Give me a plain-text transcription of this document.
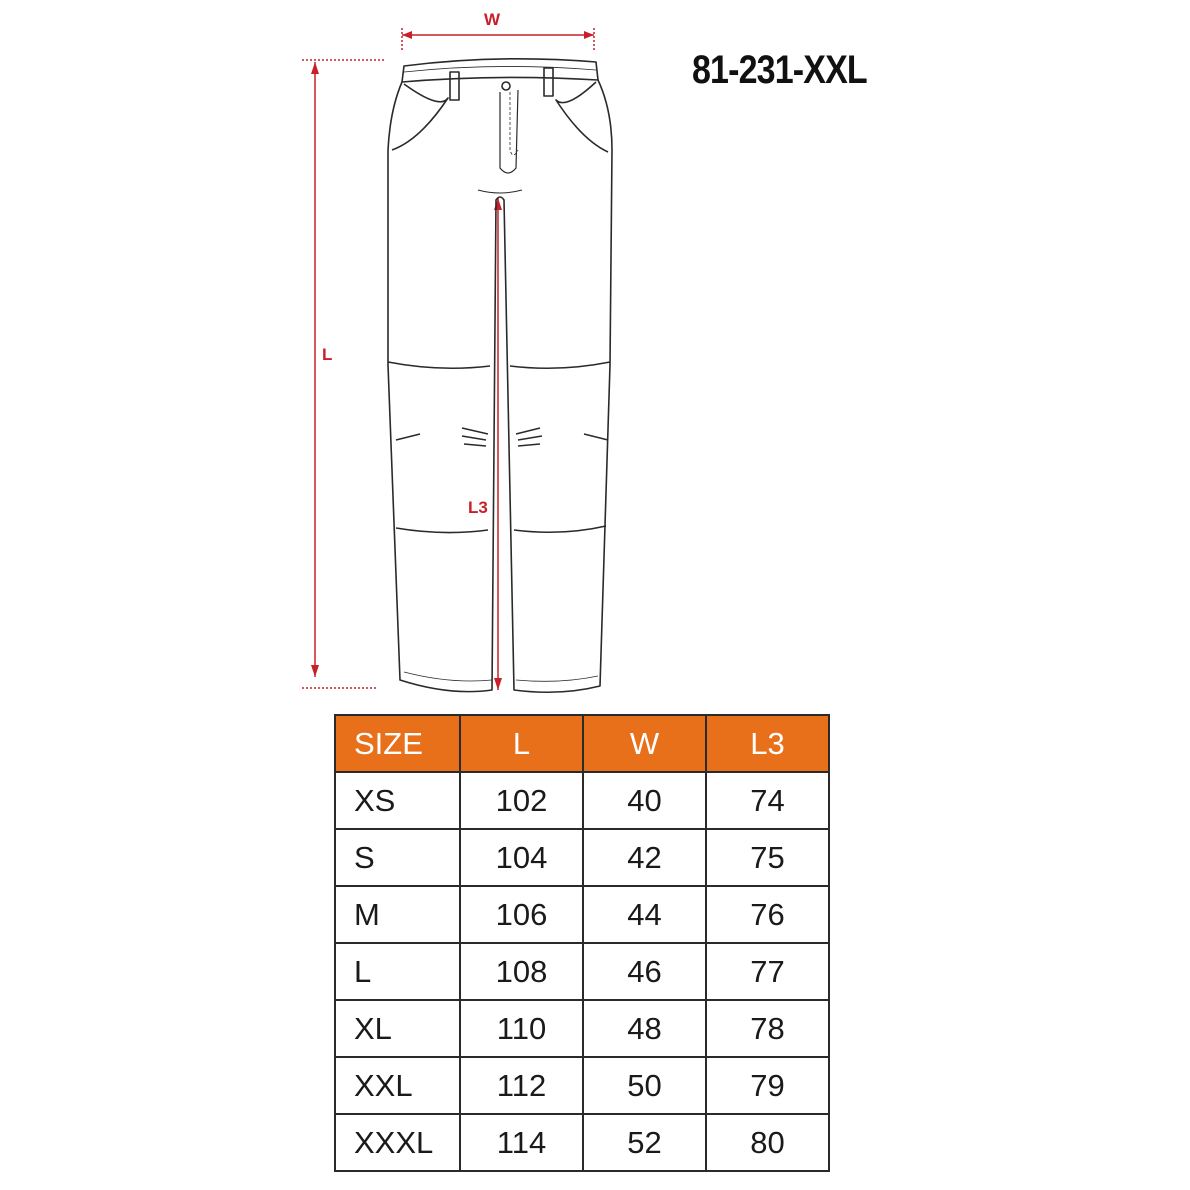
81-231-XXL
W
L
L3
SIZE	L	W	L3
XS	102	40	74
S	104	42	75
M	106	44	76
L	108	46	77
XL	110	48	78
XXL	112	50	79
XXXL	114	52	80
